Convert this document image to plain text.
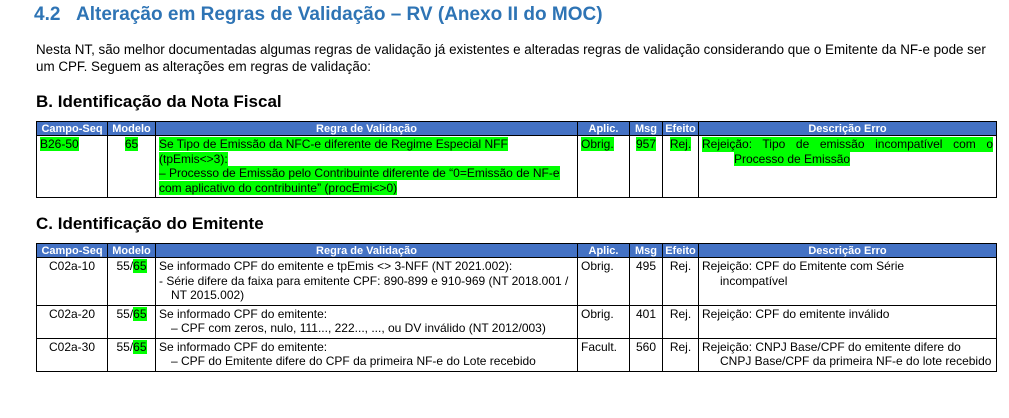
4.2 Alteração em Regras de Validação – RV (Anexo II do MOC)
Nesta NT, são melhor documentadas algumas regras de validação já existentes e alteradas regras de validação considerando que o Emitente da NF-e pode ser um CPF. Seguem as alterações em regras de validação:
B. Identificação da Nota Fiscal
Campo-Seq	Modelo	Regra de Validação	Aplic.	Msg	Efeito	Descrição Erro
B26-50	65	Se Tipo de Emissão da NFC-e diferente de Regime Especial NFF (tpEmis<>3):
– Processo de Emissão pelo Contribuinte diferente de “0=Emissão de NF-e com aplicativo do contribuinte” (procEmi<>0)	Obrig.	957	Rej.	Rejeição: Tipo de emissão incompatível com o
Processo de Emissão
C. Identificação do Emitente
Campo-Seq	Modelo	Regra de Validação	Aplic.	Msg	Efeito	Descrição Erro
C02a-10	55/65	Se informado CPF do emitente e tpEmis <> 3-NFF (NT 2021.002):
- Série difere da faixa para emitente CPF: 890-899 e 910-969 (NT 2018.001 / NT 2015.002)	Obrig.	495	Rej.	Rejeição: CPF do Emitente com Série
incompatível

C02a-20	55/65	Se informado CPF do emitente:
– CPF com zeros, nulo, 111..., 222..., ..., ou DV inválido (NT 2012/003)	Obrig.	401	Rej.	Rejeição: CPF do emitente inválido

C02a-30	55/65	Se informado CPF do emitente:
– CPF do Emitente difere do CPF da primeira NF-e do Lote recebido	Facult.	560	Rej.	Rejeição: CNPJ Base/CPF do emitente difere do
CNPJ Base/CPF da primeira NF-e do lote recebido
